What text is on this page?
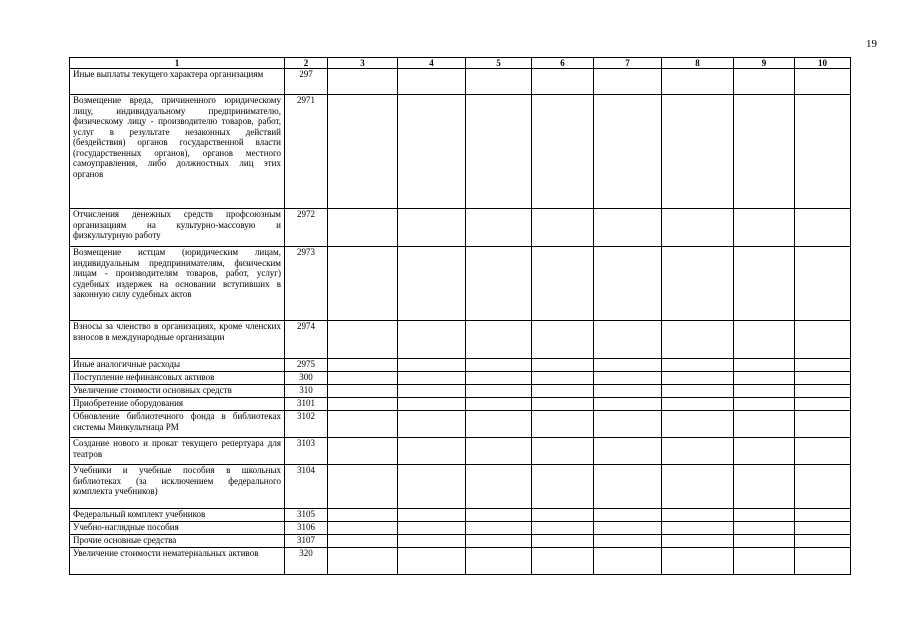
19
1	2	3	4	5	6	7	8	9	10
Иные выплаты текущего характера организациям	297								
Возмещение вреда, причиненного юридическому лицу, индивидуальному предпринимателю, физическому лицу - производителю товаров, работ, услуг в результате незаконных действий (бездействия) органов государственной власти (государственных органов), органов местного самоуправления, либо должностных лиц этих органов	2971								
Отчисления денежных средств профсоюзным организациям на культурно-массовую и физкультурную работу	2972								
Возмещение истцам (юридическим лицам, индивидуальным предпринимателям, физическим лицам - производителям товаров, работ, услуг) судебных издержек на основании вступивших в законную силу судебных актов	2973								
Взносы за членство в организациях, кроме членских взносов в международные организации	2974								
Иные аналогичные расходы	2975								
Поступление нефинансовых активов	300								
Увеличение стоимости основных средств	310								
Приобретение оборудования	3101								
Обновление библиотечного фонда в библиотеках системы Минкультнаца РМ	3102								
Создание нового и прокат текущего репертуара для театров	3103								
Учебники и учебные пособия в школьных библиотеках (за исключением федерального комплекта учебников)	3104								
Федеральный комплект учебников	3105								
Учебно-наглядные пособия	3106								
Прочие основные средства	3107								
Увеличение стоимости нематериальных активов	320								
